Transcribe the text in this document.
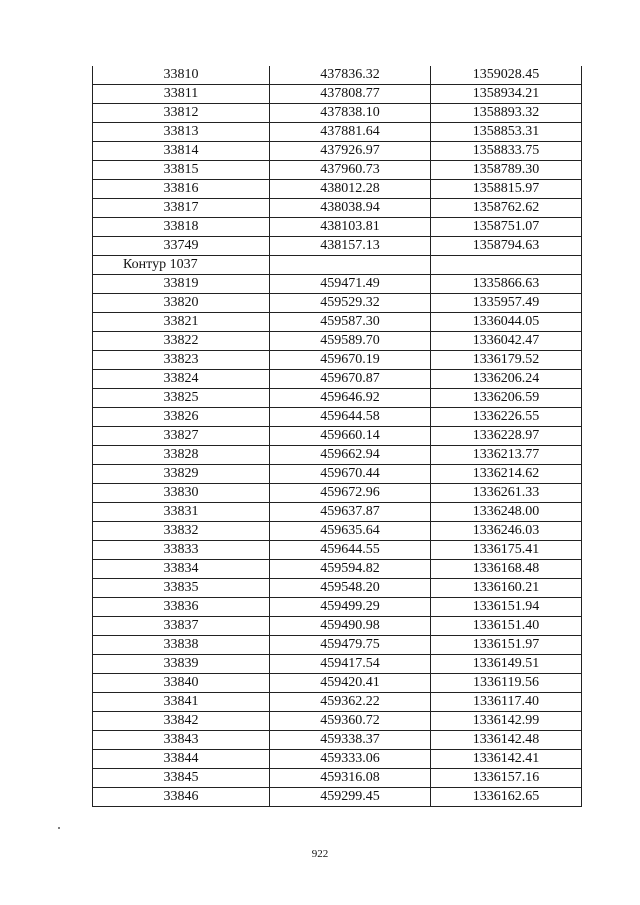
33810	437836.32	1359028.45
33811	437808.77	1358934.21
33812	437838.10	1358893.32
33813	437881.64	1358853.31
33814	437926.97	1358833.75
33815	437960.73	1358789.30
33816	438012.28	1358815.97
33817	438038.94	1358762.62
33818	438103.81	1358751.07
33749	438157.13	1358794.63
Контур 1037		
33819	459471.49	1335866.63
33820	459529.32	1335957.49
33821	459587.30	1336044.05
33822	459589.70	1336042.47
33823	459670.19	1336179.52
33824	459670.87	1336206.24
33825	459646.92	1336206.59
33826	459644.58	1336226.55
33827	459660.14	1336228.97
33828	459662.94	1336213.77
33829	459670.44	1336214.62
33830	459672.96	1336261.33
33831	459637.87	1336248.00
33832	459635.64	1336246.03
33833	459644.55	1336175.41
33834	459594.82	1336168.48
33835	459548.20	1336160.21
33836	459499.29	1336151.94
33837	459490.98	1336151.40
33838	459479.75	1336151.97
33839	459417.54	1336149.51
33840	459420.41	1336119.56
33841	459362.22	1336117.40
33842	459360.72	1336142.99
33843	459338.37	1336142.48
33844	459333.06	1336142.41
33845	459316.08	1336157.16
33846	459299.45	1336162.65
922
